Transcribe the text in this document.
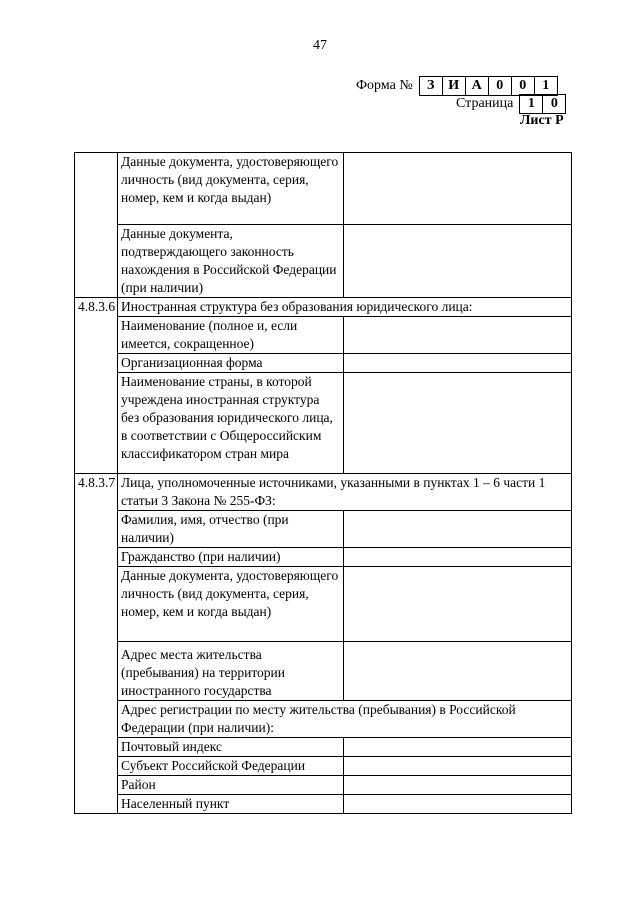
47
Форма №	З И А	0	0	1
Страница	1	0
Лист Р
	Данные документа, удостоверяющего личность (вид документа, серия, номер, кем и когда выдан)	
	Данные документа, подтверждающего законность нахождения в Российской Федерации (при наличии)	
4.8.3.6	Иностранная структура без образования юридического лица:	
	Наименование (полное и, если имеется, сокращенное)	
	Организационная форма	
	Наименование страны, в которой учреждена иностранная структура без образования юридического лица, в соответствии с Общероссийским классификатором стран мира	
4.8.3.7	Лица, уполномоченные источниками, указанными в пунктах 1 – 6 части 1 статьи 3 Закона № 255-ФЗ:	
	Фамилия, имя, отчество (при наличии)	
	Гражданство (при наличии)	
	Данные документа, удостоверяющего личность (вид документа, серия, номер, кем и когда выдан)	
	Адрес места жительства (пребывания) на территории иностранного государства	
	Адрес регистрации по месту жительства (пребывания) в Российской Федерации (при наличии):	
	Почтовый индекс	
	Субъект Российской Федерации	
	Район	
	Населенный пункт	
